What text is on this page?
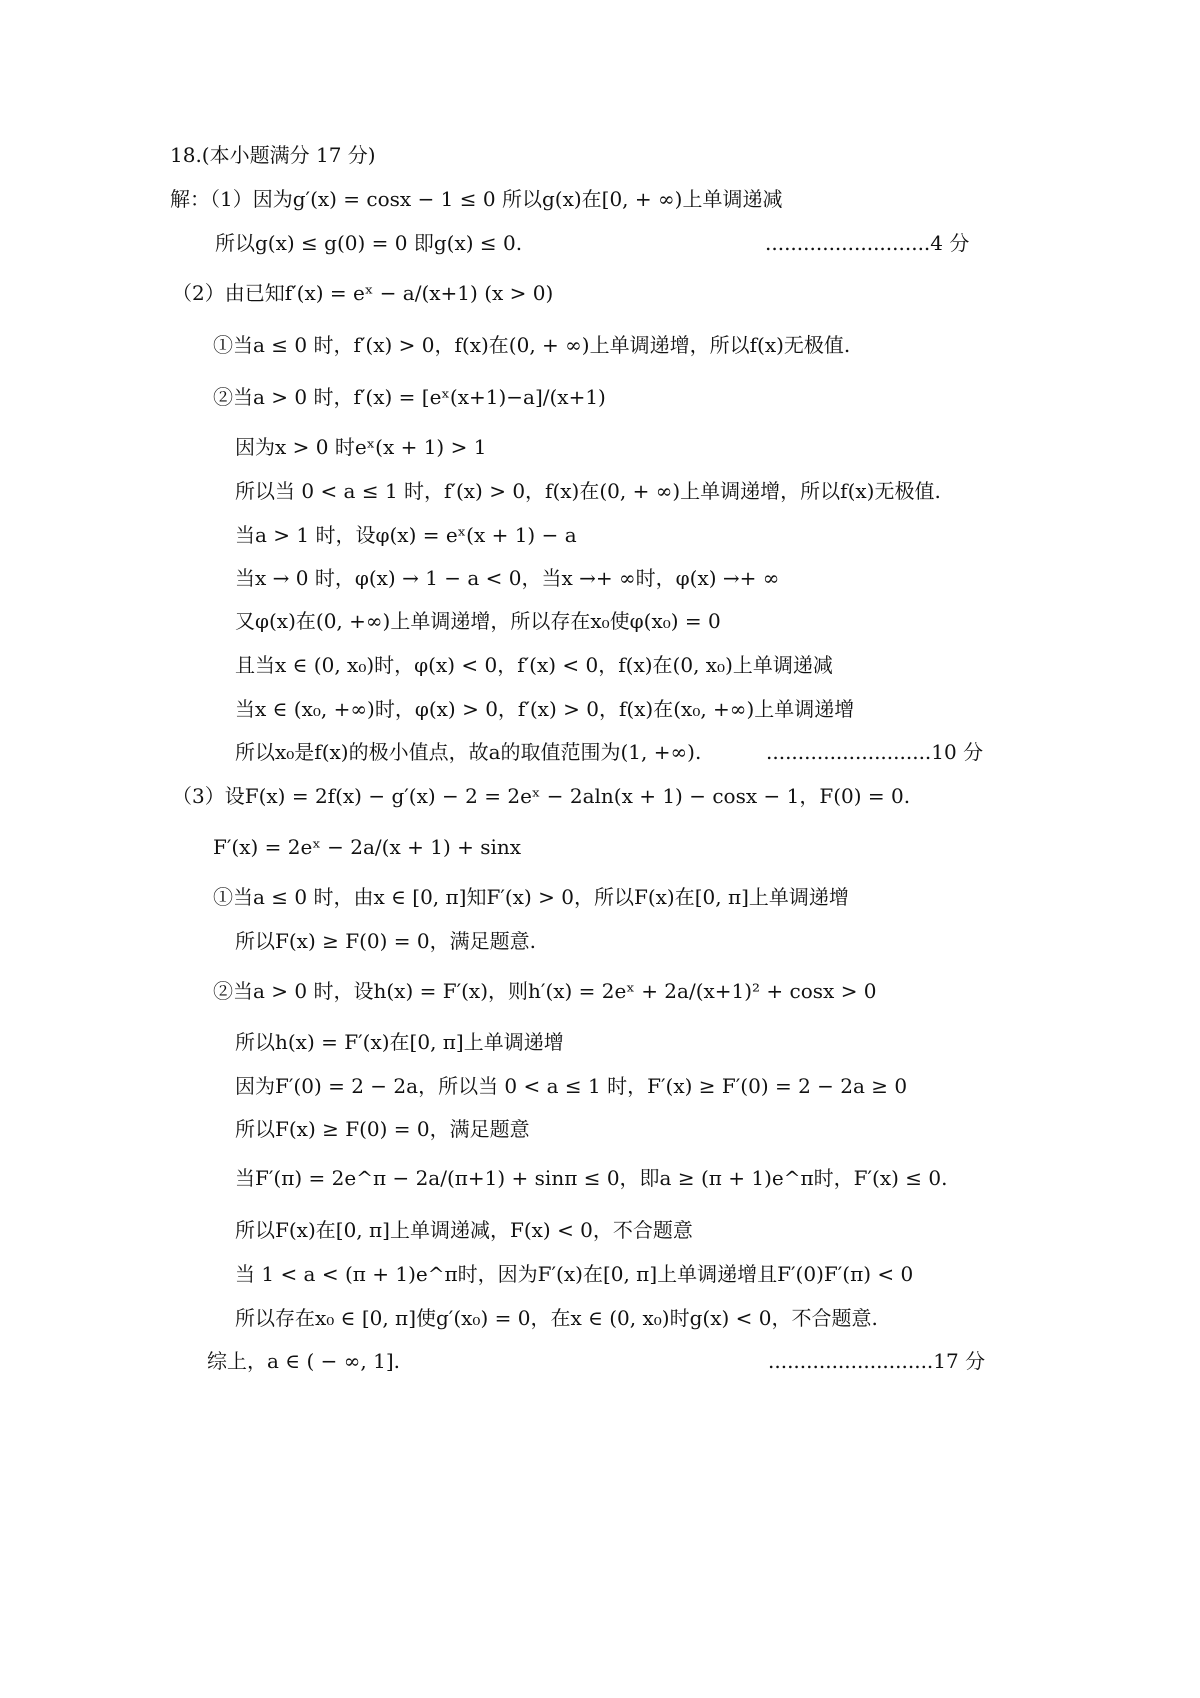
18.(本小题满分 17 分)
解：（1）因为g′(x) = cosx − 1 ≤ 0 所以g(x)在[0, + ∞)上单调递减
所以g(x) ≤ g(0) = 0 即g(x) ≤ 0.	..........................4 分
（2）由已知f′(x) = eˣ − a/(x+1) (x > 0)
①当a ≤ 0 时，f′(x) > 0，f(x)在(0, + ∞)上单调递增，所以f(x)无极值.
②当a > 0 时，f′(x) = [eˣ(x+1)−a]/(x+1)
因为x > 0 时eˣ(x + 1) > 1
所以当 0 < a ≤ 1 时，f′(x) > 0，f(x)在(0, + ∞)上单调递增，所以f(x)无极值.
当a > 1 时，设φ(x) = eˣ(x + 1) − a
当x → 0 时，φ(x) → 1 − a < 0，当x →+ ∞时，φ(x) →+ ∞
又φ(x)在(0, +∞)上单调递增，所以存在x₀使φ(x₀) = 0
且当x ∈ (0, x₀)时，φ(x) < 0，f′(x) < 0，f(x)在(0, x₀)上单调递减
当x ∈ (x₀, +∞)时，φ(x) > 0，f′(x) > 0，f(x)在(x₀, +∞)上单调递增
所以x₀是f(x)的极小值点，故a的取值范围为(1, +∞).	..........................10 分
（3）设F(x) = 2f(x) − g′(x) − 2 = 2eˣ − 2aln(x + 1) − cosx − 1，F(0) = 0.
F′(x) = 2eˣ − 2a/(x + 1) + sinx
①当a ≤ 0 时，由x ∈ [0, π]知F′(x) > 0，所以F(x)在[0, π]上单调递增
所以F(x) ≥ F(0) = 0，满足题意.
②当a > 0 时，设h(x) = F′(x)，则h′(x) = 2eˣ + 2a/(x+1)² + cosx > 0
所以h(x) = F′(x)在[0, π]上单调递增
因为F′(0) = 2 − 2a，所以当 0 < a ≤ 1 时，F′(x) ≥ F′(0) = 2 − 2a ≥ 0
所以F(x) ≥ F(0) = 0，满足题意
当F′(π) = 2e^π − 2a/(π+1) + sinπ ≤ 0，即a ≥ (π + 1)e^π时，F′(x) ≤ 0.
所以F(x)在[0, π]上单调递减，F(x) < 0，不合题意
当 1 < a < (π + 1)e^π时，因为F′(x)在[0, π]上单调递增且F′(0)F′(π) < 0
所以存在x₀ ∈ [0, π]使g′(x₀) = 0，在x ∈ (0, x₀)时g(x) < 0，不合题意.
综上，a ∈ ( − ∞, 1].	..........................17 分
